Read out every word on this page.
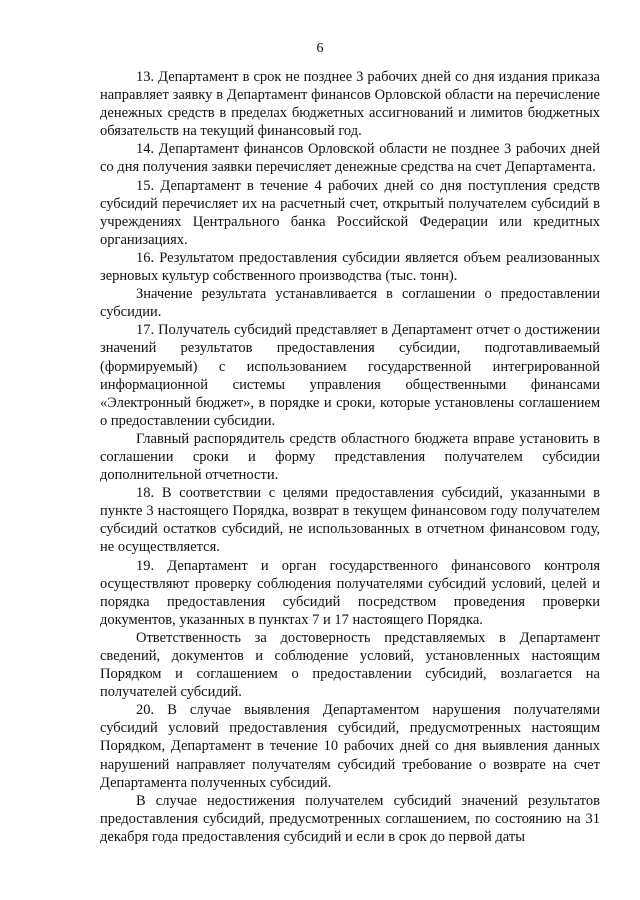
6

13. Департамент в срок не позднее 3 рабочих дней со дня издания приказа направляет заявку в Департамент финансов Орловской области на перечисление денежных средств в пределах бюджетных ассигнований и лимитов бюджетных обязательств на текущий финансовый год.

14. Департамент финансов Орловской области не позднее 3 рабочих дней со дня получения заявки перечисляет денежные средства на счет Департамента.

15. Департамент в течение 4 рабочих дней со дня поступления средств субсидий перечисляет их на расчетный счет, открытый получателем субсидий в учреждениях Центрального банка Российской Федерации или кредитных организациях.

16. Результатом предоставления субсидии является объем реализованных зерновых культур собственного производства (тыс. тонн).

Значение результата устанавливается в соглашении о предоставлении субсидии.

17. Получатель субсидий представляет в Департамент отчет о достижении значений результатов предоставления субсидии, подготавливаемый (формируемый) с использованием государственной интегрированной информационной системы управления общественными финансами «Электронный бюджет», в порядке и сроки, которые установлены соглашением о предоставлении субсидии.

Главный распорядитель средств областного бюджета вправе установить в соглашении сроки и форму представления получателем субсидии дополнительной отчетности.

18. В соответствии с целями предоставления субсидий, указанными в пункте 3 настоящего Порядка, возврат в текущем финансовом году получателем субсидий остатков субсидий, не использованных в отчетном финансовом году, не осуществляется.

19. Департамент и орган государственного финансового контроля осуществляют проверку соблюдения получателями субсидий условий, целей и порядка предоставления субсидий посредством проведения проверки документов, указанных в пунктах 7 и 17 настоящего Порядка.

Ответственность за достоверность представляемых в Департамент сведений, документов и соблюдение условий, установленных настоящим Порядком и соглашением о предоставлении субсидий, возлагается на получателей субсидий.

20. В случае выявления Департаментом нарушения получателями субсидий условий предоставления субсидий, предусмотренных настоящим Порядком, Департамент в течение 10 рабочих дней со дня выявления данных нарушений направляет получателям субсидий требование о возврате на счет Департамента полученных субсидий.

В случае недостижения получателем субсидий значений результатов предоставления субсидий, предусмотренных соглашением, по состоянию на 31 декабря года предоставления субсидий и если в срок до первой даты
